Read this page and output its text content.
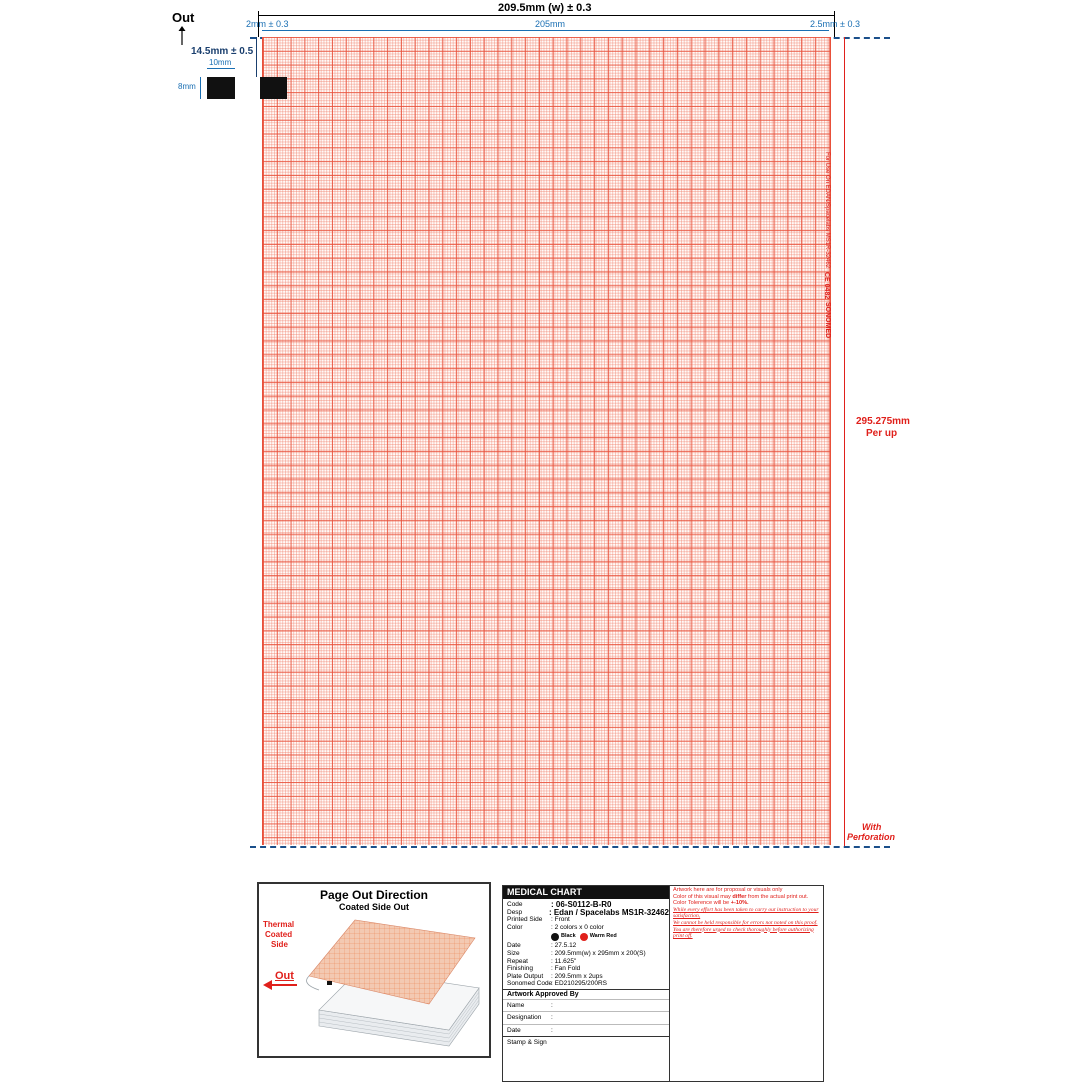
Out
209.5mm (w) ± 0.3
2mm ± 0.3	205mm	2.5mm ± 0.3
For Use On EDAN/Spacelabs MS1R-32462
CE 0482
SONOMED
14.5mm ± 0.5
10mm
8mm
295.275mm
Per up
With
Perforation
Page Out Direction
Coated Side Out
Thermal
Coated
Side
Out
MEDICAL CHART
Code	: 06-S0112-B-R0
Desp	: Edan / Spacelabs MS1R-32462
Printed Side	: Front
Color	: 2 colors x 0 color
Black	Warm Red
Date	: 27.5.12
Size	: 209.5mm(w) x 295mm x 200(S)
Repeat	: 11.625"
Finishing	: Fan Fold
Plate Output	: 209.5mm x 2ups
Sonomed Code
: ED210295/200RS
Artwork Approved By
Name	:
Designation	:
Date	:
Stamp & Sign
Artwork here are for proposal or visuals only
Color of this visual may differ from the actual print out.
Color Tolerence will be +-10%.
While every effort has been taken to carry out instruction to your satisfaction,
We cannot be held responsible for errors not noted on this proof.
You are therefore urged to check thoroughly before authorizing print off.
